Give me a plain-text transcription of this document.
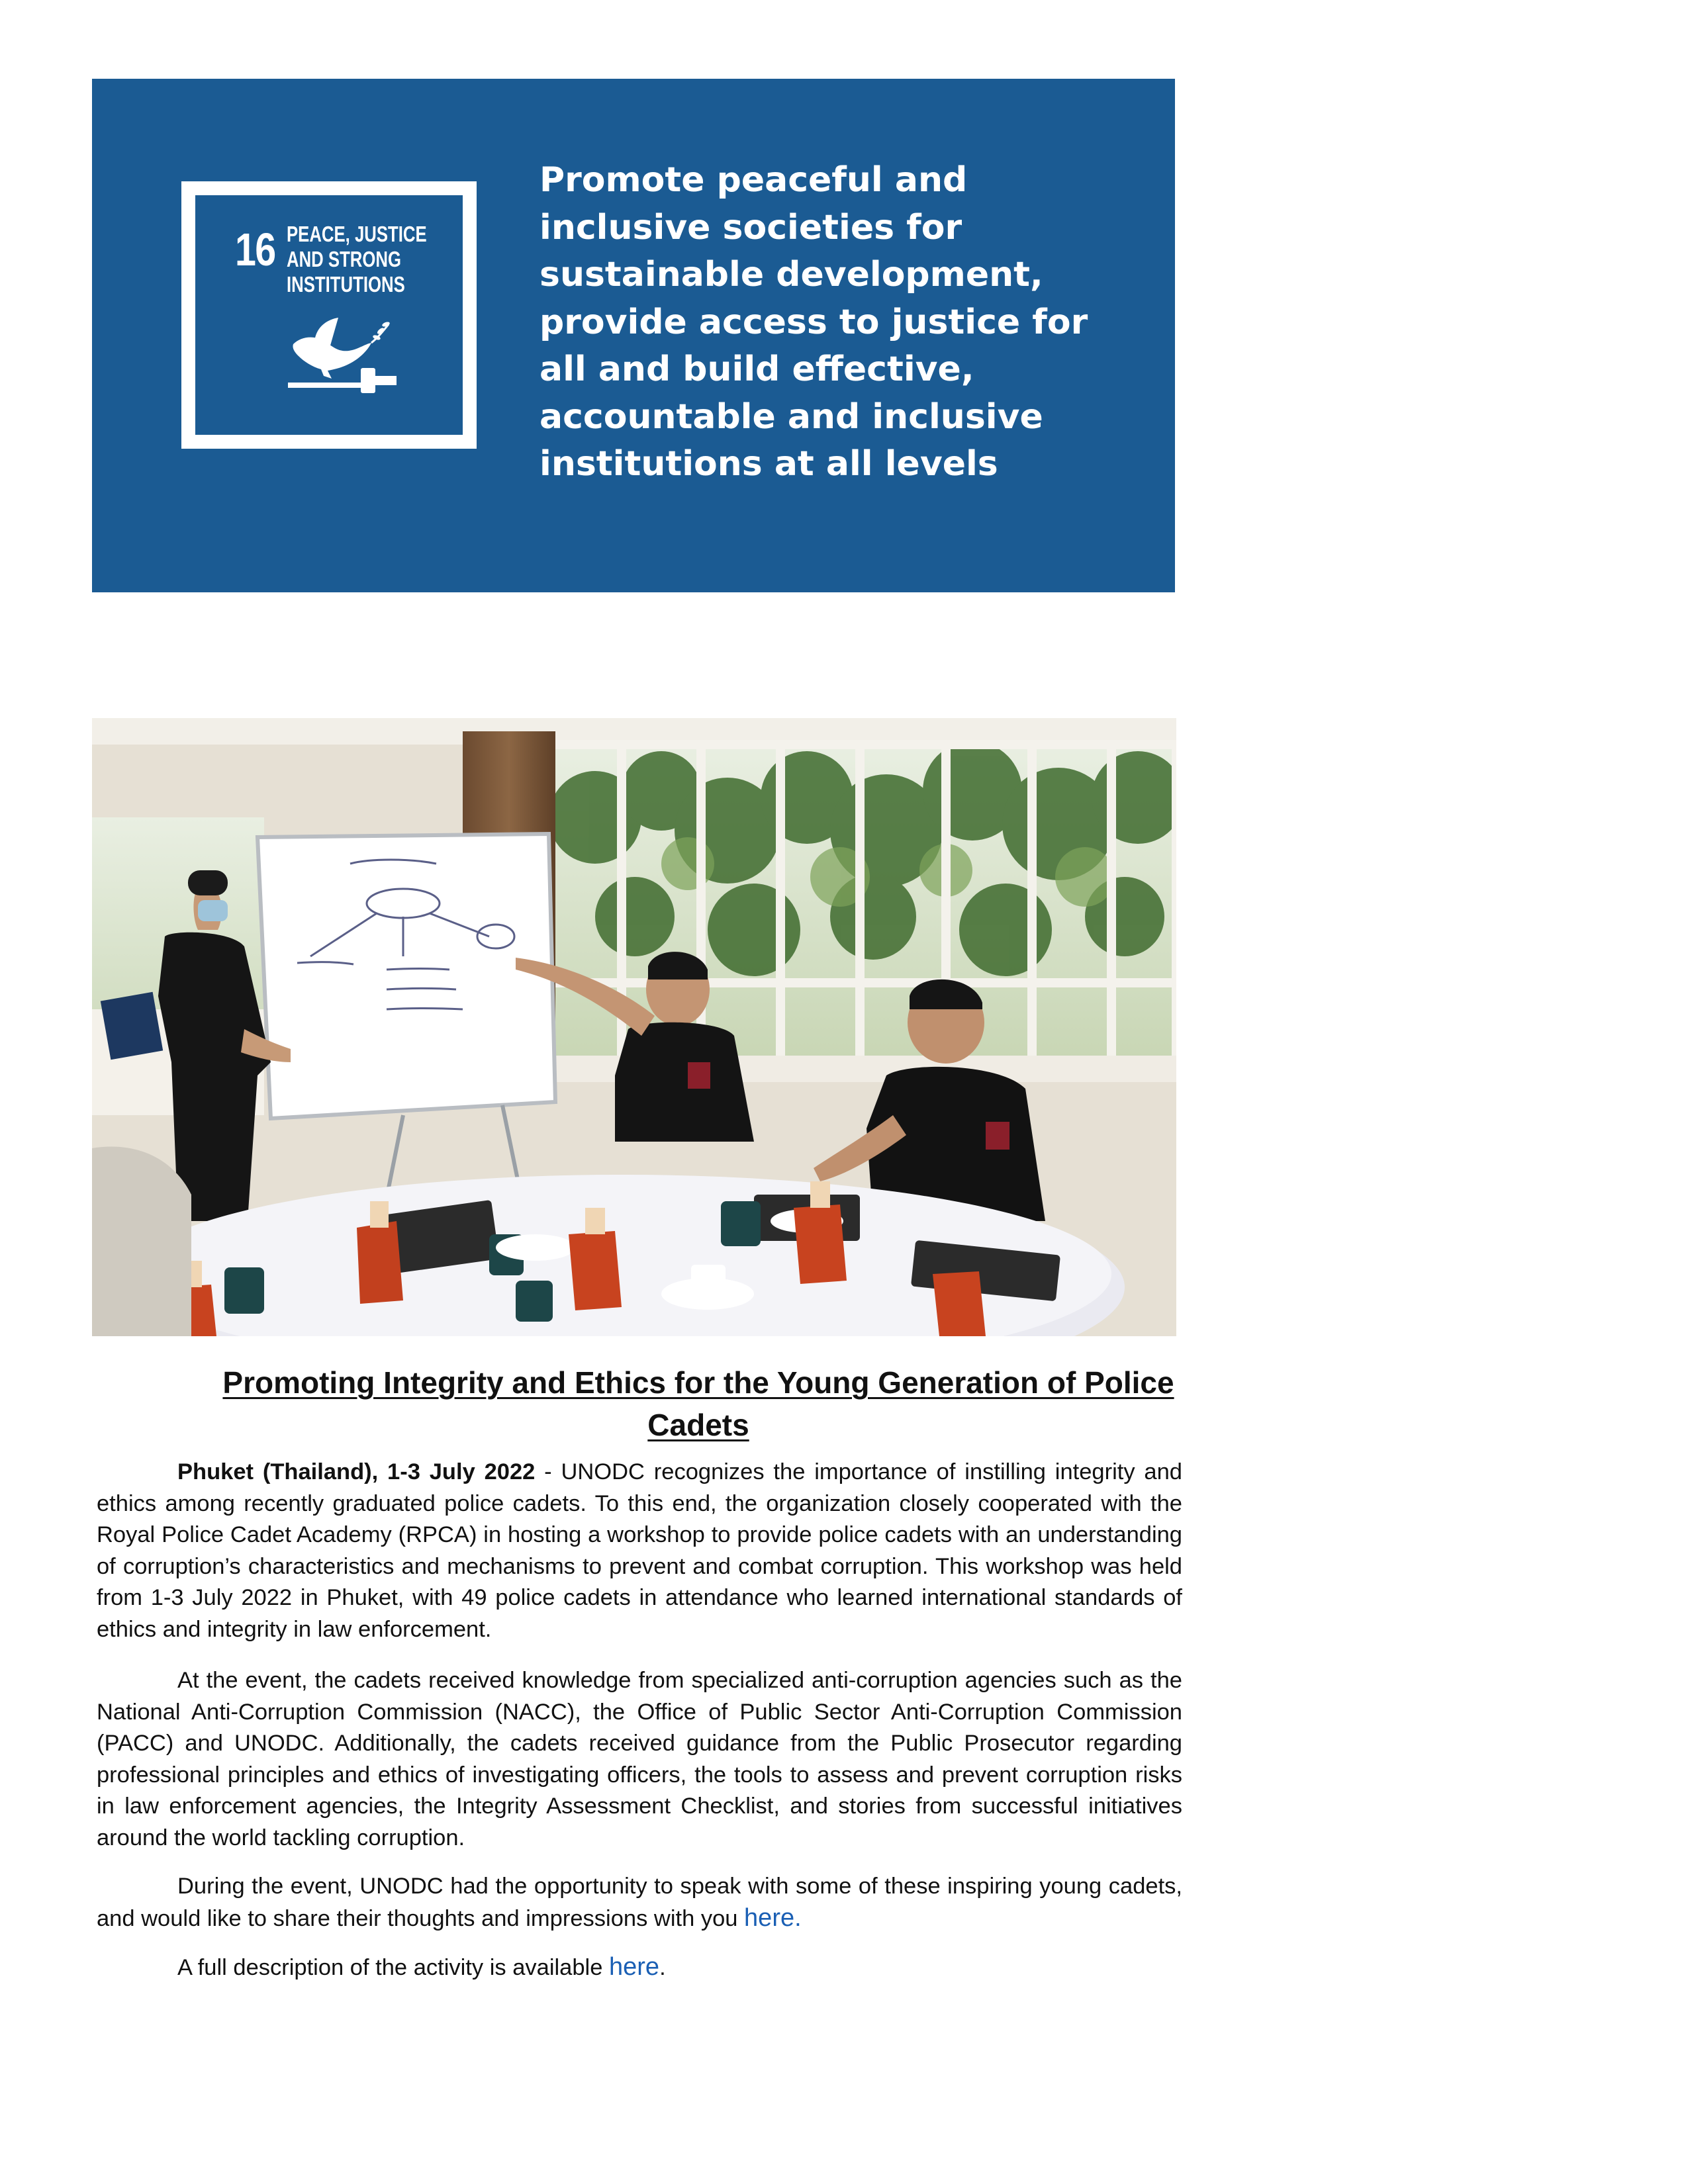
16 PEACE, JUSTICE
AND STRONG
INSTITUTIONS
Promote peaceful and
inclusive societies for
sustainable development,
provide access to justice for
all and build effective,
accountable and inclusive
institutions at all levels
Promoting Integrity and Ethics for the Young Generation of Police
Cadets

Phuket (Thailand), 1-3 July 2022 - UNODC recognizes the importance of instilling integrity and ethics among recently graduated police cadets. To this end, the organization closely cooperated with the Royal Police Cadet Academy (RPCA) in hosting a workshop to provide police cadets with an understanding of corruption’s characteristics and mechanisms to prevent and combat corruption. This workshop was held from 1-3 July 2022 in Phuket, with 49 police cadets in attendance who learned international standards of ethics and integrity in law enforcement.

At the event, the cadets received knowledge from specialized anti-corruption agencies such as the National Anti-Corruption Commission (NACC), the Office of Public Sector Anti-Corruption Commission (PACC) and UNODC. Additionally, the cadets received guidance from the Public Prosecutor regarding professional principles and ethics of investigating officers, the tools to assess and prevent corruption risks in law enforcement agencies, the Integrity Assessment Checklist, and stories from successful initiatives around the world tackling corruption.

During the event, UNODC had the opportunity to speak with some of these inspiring young cadets, and would like to share their thoughts and impressions with you here.

A full description of the activity is available here.
